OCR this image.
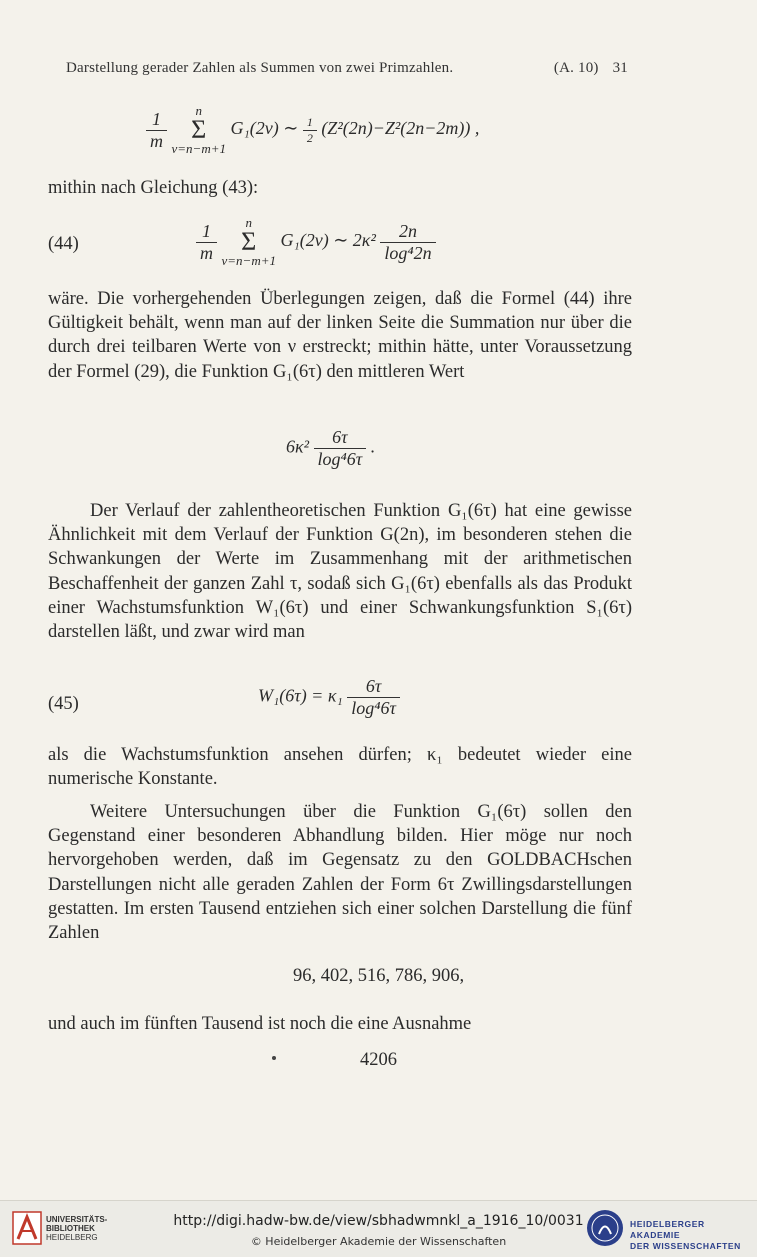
Darstellung gerader Zahlen als Summen von zwei Primzahlen.	(A. 10) 31
$\frac{1}{m}$
	n
Σ
ν=n−m+1
G₁(2ν) ∼ $\frac{1}{2} (Z^2(2n)-Z^2(2n-2m))$ ,

mithin nach Gleichung (43):

(44)	$\frac{1}{m}$
	n
Σ
ν=n−m+1
G₁(2ν) ∼ $2\kappa^2 \frac{2n}{\text{log⁴2n}}$

wäre. Die vorhergehenden Überlegungen zeigen, daß die Formel (44) ihre Gültigkeit behält, wenn man auf der linken Seite die Summation nur über die durch drei teilbaren Werte von ν erstreckt; mithin hätte, unter Voraussetzung der Formel (29), die Funktion G₁(6τ) den mittleren Wert

$6\kappa^2 \frac{6\tau}{\text{log⁴6τ}}$ .

Der Verlauf der zahlentheoretischen Funktion G₁(6τ) hat eine gewisse Ähnlichkeit mit dem Verlauf der Funktion G(2n), im besonderen stehen die Schwankungen der Werte im Zusammenhang mit der arithmetischen Beschaffenheit der ganzen Zahl τ, sodaß sich G₁(6τ) ebenfalls als das Produkt einer Wachstumsfunktion W₁(6τ) und einer Schwankungsfunktion S₁(6τ) darstellen läßt, und zwar wird man

(45)	$W_1(6\tau) = \kappa_1 \frac{6\tau}{\text{log⁴6τ}}$

als die Wachstumsfunktion ansehen dürfen; κ₁ bedeutet wieder eine numerische Konstante.

Weitere Untersuchungen über die Funktion G₁(6τ) sollen den Gegenstand einer besonderen Abhandlung bilden. Hier möge nur noch hervorgehoben werden, daß im Gegensatz zu den GOLDBACHschen Darstellungen nicht alle geraden Zahlen der Form 6τ Zwillingsdarstellungen gestatten. Im ersten Tausend entziehen sich einer solchen Darstellung die fünf Zahlen

96, 402, 516, 786, 906,

und auch im fünften Tausend ist noch die eine Ausnahme

4206
UNIVERSITÄTS-
BIBLIOTHEK
HEIDELBERG
http://digi.hadw-bw.de/view/sbhadwmnkl_a_1916_10/0031
© Heidelberger Akademie der Wissenschaften
HEIDELBERGER AKADEMIE
DER WISSENSCHAFTEN
